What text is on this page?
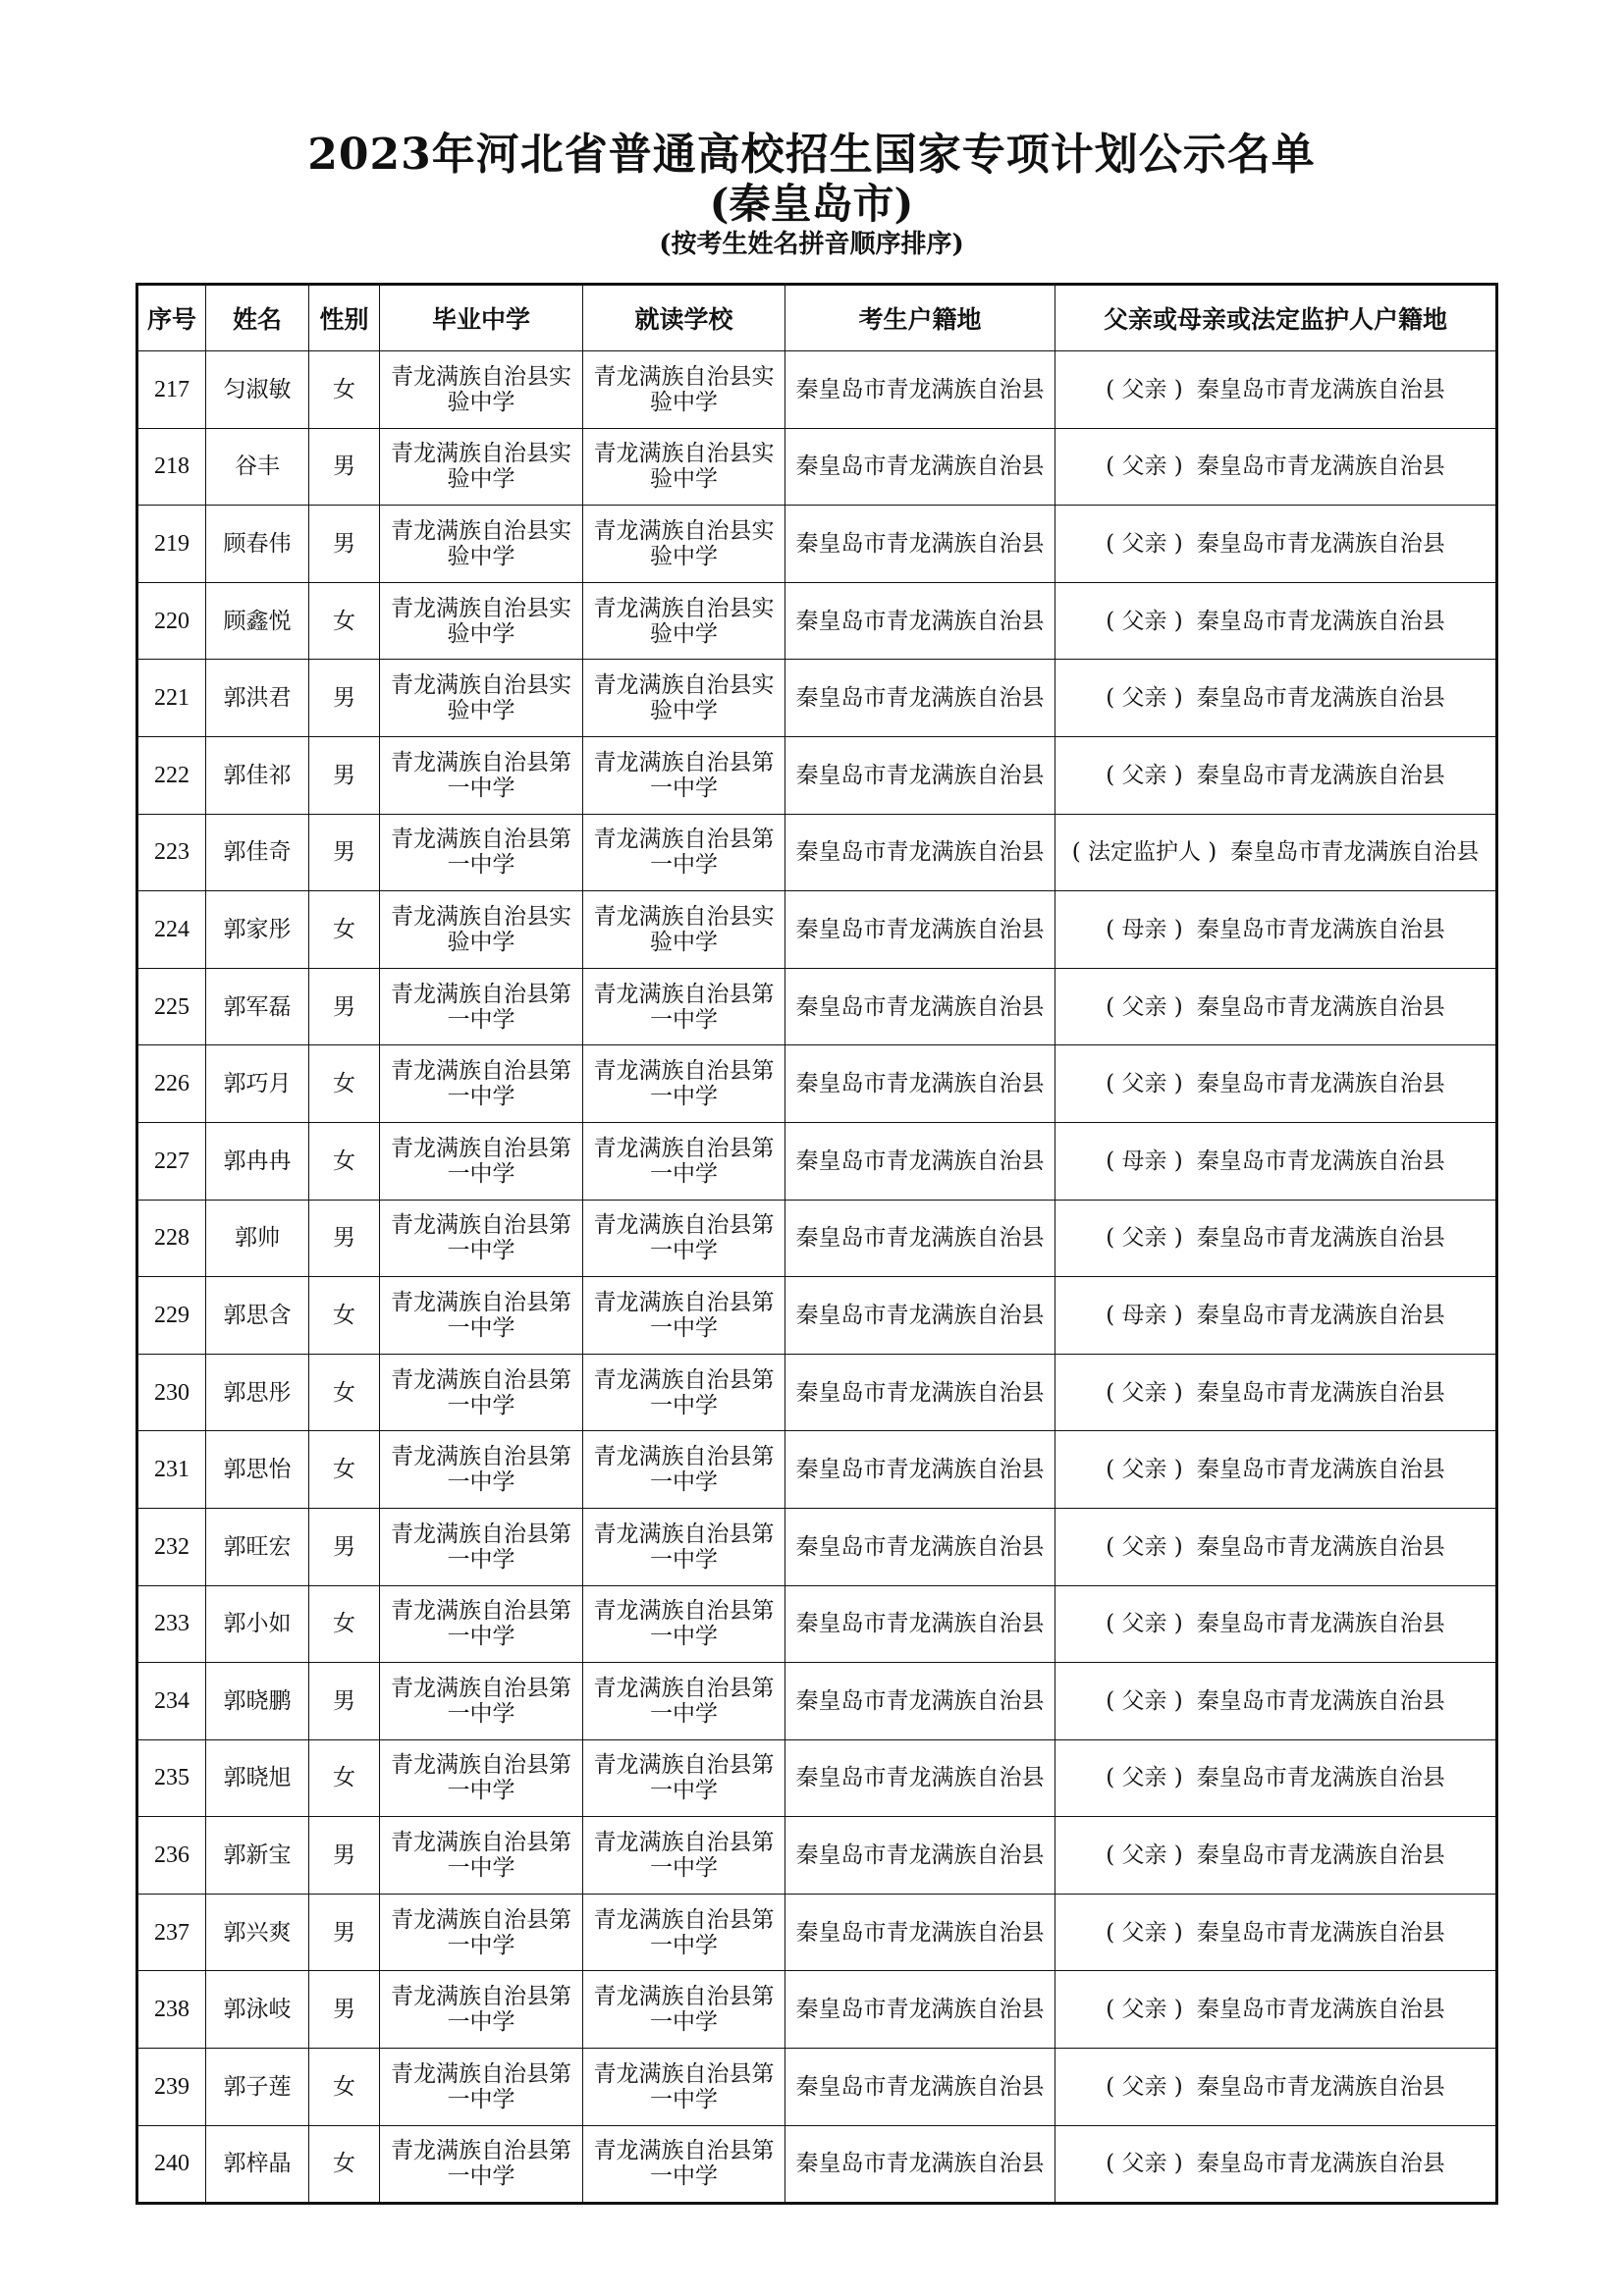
2023年河北省普通高校招生国家专项计划公示名单
(秦皇岛市)
(按考生姓名拼音顺序排序)
序号	姓名	性别	毕业中学	就读学校	考生户籍地	父亲或母亲或法定监护人户籍地
217	匀淑敏	女	青龙满族自治县实验中学	青龙满族自治县实验中学	秦皇岛市青龙满族自治县	( 父亲 ) 秦皇岛市青龙满族自治县
218	谷丰	男	青龙满族自治县实验中学	青龙满族自治县实验中学	秦皇岛市青龙满族自治县	( 父亲 ) 秦皇岛市青龙满族自治县
219	顾春伟	男	青龙满族自治县实验中学	青龙满族自治县实验中学	秦皇岛市青龙满族自治县	( 父亲 ) 秦皇岛市青龙满族自治县
220	顾鑫悦	女	青龙满族自治县实验中学	青龙满族自治县实验中学	秦皇岛市青龙满族自治县	( 父亲 ) 秦皇岛市青龙满族自治县
221	郭洪君	男	青龙满族自治县实验中学	青龙满族自治县实验中学	秦皇岛市青龙满族自治县	( 父亲 ) 秦皇岛市青龙满族自治县
222	郭佳祁	男	青龙满族自治县第一中学	青龙满族自治县第一中学	秦皇岛市青龙满族自治县	( 父亲 ) 秦皇岛市青龙满族自治县
223	郭佳奇	男	青龙满族自治县第一中学	青龙满族自治县第一中学	秦皇岛市青龙满族自治县	( 法定监护人 ) 秦皇岛市青龙满族自治县
224	郭家彤	女	青龙满族自治县实验中学	青龙满族自治县实验中学	秦皇岛市青龙满族自治县	( 母亲 ) 秦皇岛市青龙满族自治县
225	郭军磊	男	青龙满族自治县第一中学	青龙满族自治县第一中学	秦皇岛市青龙满族自治县	( 父亲 ) 秦皇岛市青龙满族自治县
226	郭巧月	女	青龙满族自治县第一中学	青龙满族自治县第一中学	秦皇岛市青龙满族自治县	( 父亲 ) 秦皇岛市青龙满族自治县
227	郭冉冉	女	青龙满族自治县第一中学	青龙满族自治县第一中学	秦皇岛市青龙满族自治县	( 母亲 ) 秦皇岛市青龙满族自治县
228	郭帅	男	青龙满族自治县第一中学	青龙满族自治县第一中学	秦皇岛市青龙满族自治县	( 父亲 ) 秦皇岛市青龙满族自治县
229	郭思含	女	青龙满族自治县第一中学	青龙满族自治县第一中学	秦皇岛市青龙满族自治县	( 母亲 ) 秦皇岛市青龙满族自治县
230	郭思彤	女	青龙满族自治县第一中学	青龙满族自治县第一中学	秦皇岛市青龙满族自治县	( 父亲 ) 秦皇岛市青龙满族自治县
231	郭思怡	女	青龙满族自治县第一中学	青龙满族自治县第一中学	秦皇岛市青龙满族自治县	( 父亲 ) 秦皇岛市青龙满族自治县
232	郭旺宏	男	青龙满族自治县第一中学	青龙满族自治县第一中学	秦皇岛市青龙满族自治县	( 父亲 ) 秦皇岛市青龙满族自治县
233	郭小如	女	青龙满族自治县第一中学	青龙满族自治县第一中学	秦皇岛市青龙满族自治县	( 父亲 ) 秦皇岛市青龙满族自治县
234	郭晓鹏	男	青龙满族自治县第一中学	青龙满族自治县第一中学	秦皇岛市青龙满族自治县	( 父亲 ) 秦皇岛市青龙满族自治县
235	郭晓旭	女	青龙满族自治县第一中学	青龙满族自治县第一中学	秦皇岛市青龙满族自治县	( 父亲 ) 秦皇岛市青龙满族自治县
236	郭新宝	男	青龙满族自治县第一中学	青龙满族自治县第一中学	秦皇岛市青龙满族自治县	( 父亲 ) 秦皇岛市青龙满族自治县
237	郭兴爽	男	青龙满族自治县第一中学	青龙满族自治县第一中学	秦皇岛市青龙满族自治县	( 父亲 ) 秦皇岛市青龙满族自治县
238	郭泳岐	男	青龙满族自治县第一中学	青龙满族自治县第一中学	秦皇岛市青龙满族自治县	( 父亲 ) 秦皇岛市青龙满族自治县
239	郭子莲	女	青龙满族自治县第一中学	青龙满族自治县第一中学	秦皇岛市青龙满族自治县	( 父亲 ) 秦皇岛市青龙满族自治县
240	郭梓晶	女	青龙满族自治县第一中学	青龙满族自治县第一中学	秦皇岛市青龙满族自治县	( 父亲 ) 秦皇岛市青龙满族自治县
